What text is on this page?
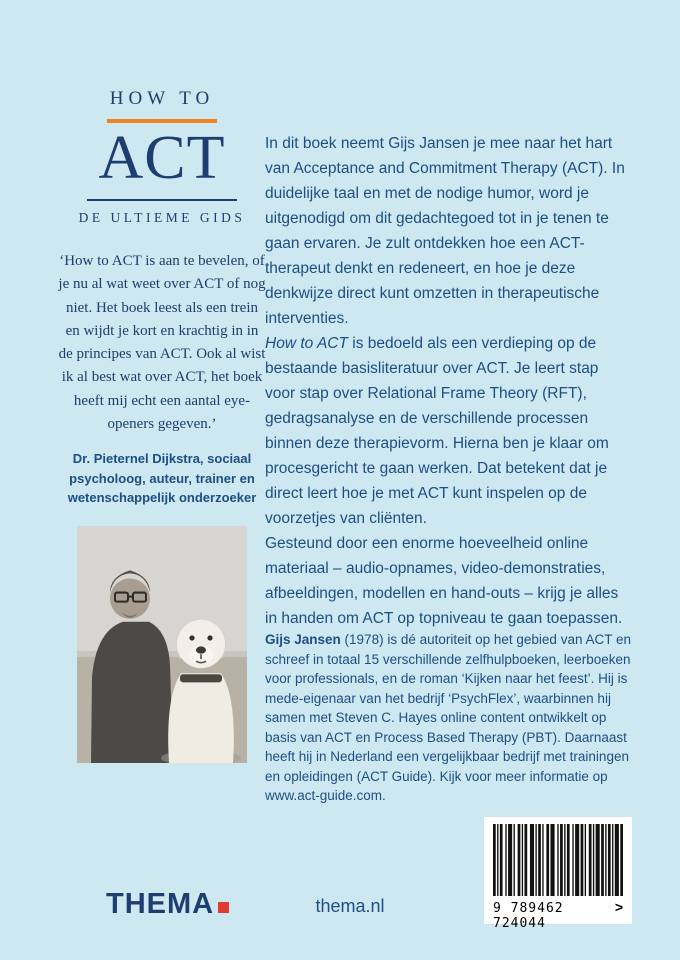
HOW TO
ACT
DE ULTIEME GIDS
‘How to ACT is aan te bevelen, of je nu al wat weet over ACT of nog niet. Het boek leest als een trein en wijdt je kort en krachtig in in de principes van ACT. Ook al wist ik al best wat over ACT, het boek heeft mij echt een aantal eye-openers gegeven.’
Dr. Pieternel Dijkstra, sociaal psycholoog, auteur, trainer en wetenschappelijk onderzoeker

In dit boek neemt Gijs Jansen je mee naar het hart van Acceptance and Commitment Therapy (ACT). In duidelijke taal en met de nodige humor, word je uitgenodigd om dit gedachtegoed tot in je tenen te gaan ervaren. Je zult ontdekken hoe een ACT-therapeut denkt en redeneert, en hoe je deze denkwijze direct kunt omzetten in therapeutische interventies.

How to ACT is bedoeld als een verdieping op de bestaande basisliteratuur over ACT. Je leert stap voor stap over Relational Frame Theory (RFT), gedragsanalyse en de verschillende processen binnen deze therapievorm. Hierna ben je klaar om procesgericht te gaan werken. Dat betekent dat je direct leert hoe je met ACT kunt inspelen op de voorzetjes van cliënten.

Gesteund door een enorme hoeveelheid online materiaal – audio-opnames, video-demonstraties, afbeeldingen, modellen en hand-outs – krijg je alles in handen om ACT op topniveau te gaan toepassen.

Gijs Jansen (1978) is dé autoriteit op het gebied van ACT en schreef in totaal 15 verschillende zelfhulpboeken, leerboeken voor professionals, en de roman ‘Kijken naar het feest’. Hij is mede-eigenaar van het bedrijf ‘PsychFlex’, waarbinnen hij samen met Steven C. Hayes online content ontwikkelt op basis van ACT en Process Based Therapy (PBT). Daarnaast heeft hij in Nederland een vergelijkbaar bedrijf met trainingen en opleidingen (ACT Guide). Kijk voor meer informatie op www.act-guide.com.
THEMA	thema.nl	9 789462 724044
>
